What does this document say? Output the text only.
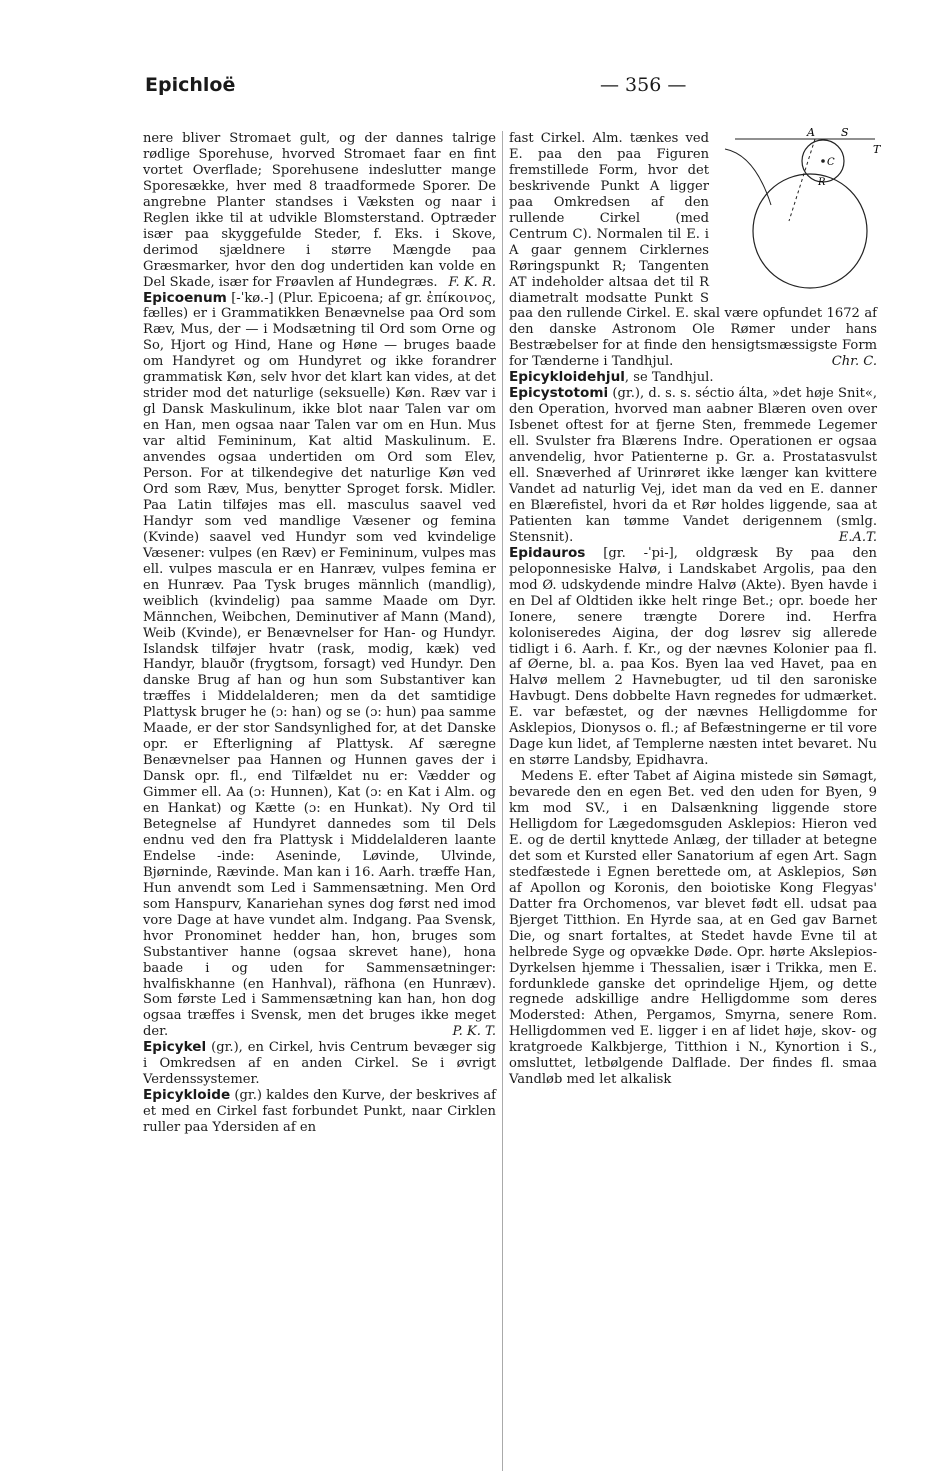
Epichloë	— 356 —

nere bliver Stromaet gult, og der dannes talrige rødlige Sporehuse, hvorved Stromaet faar en fint vortet Overflade; Sporehusene indeslutter mange Sporesække, hver med 8 traadformede Sporer. De angrebne Planter standses i Væksten og naar i Reglen ikke til at udvikle Blomsterstand. Optræder især paa skyggefulde Steder, f. Eks. i Skove, derimod sjældnere i større Mængde paa Græsmarker, hvor den dog undertiden kan volde en Del Skade, især for Frøavlen af Hundegræs. F. K. R.

Epicoenum [-ˈkø.-] (Plur. Epicoena; af gr. ἐπίκοινος, fælles) er i Grammatikken Benævnelse paa Ord som Ræv, Mus, der — i Modsætning til Ord som Orne og So, Hjort og Hind, Hane og Høne — bruges baade om Handyret og om Hundyret og ikke forandrer grammatisk Køn, selv hvor det klart kan vides, at det strider mod det naturlige (seksuelle) Køn. Ræv var i gl Dansk Maskulinum, ikke blot naar Talen var om en Han, men ogsaa naar Talen var om en Hun. Mus var altid Femininum, Kat altid Maskulinum. E. anvendes ogsaa undertiden om Ord som Elev, Person. For at tilkendegive det naturlige Køn ved Ord som Ræv, Mus, benytter Sproget forsk. Midler. Paa Latin tilføjes mas ell. masculus saavel ved Handyr som ved mandlige Væsener og femina (Kvinde) saavel ved Hundyr som ved kvindelige Væsener: vulpes (en Ræv) er Femininum, vulpes mas ell. vulpes mascula er en Hanræv, vulpes femina er en Hunræv. Paa Tysk bruges männlich (mandlig), weiblich (kvindelig) paa samme Maade om Dyr. Männchen, Weibchen, Deminutiver af Mann (Mand), Weib (Kvinde), er Benævnelser for Han- og Hundyr. Islandsk tilføjer hvatr (rask, modig, kæk) ved Handyr, blauðr (frygtsom, forsagt) ved Hundyr. Den danske Brug af han og hun som Substantiver kan træffes i Middelalderen; men da det samtidige Plattysk bruger he (ɔ: han) og se (ɔ: hun) paa samme Maade, er der stor Sandsynlighed for, at det Danske opr. er Efterligning af Plattysk. Af særegne Benævnelser paa Hannen og Hunnen gaves der i Dansk opr. fl., end Tilfældet nu er: Vædder og Gimmer ell. Aa (ɔ: Hunnen), Kat (ɔ: en Kat i Alm. og en Hankat) og Kætte (ɔ: en Hunkat). Ny Ord til Betegnelse af Hundyret dannedes som til Dels endnu ved den fra Plattysk i Middelalderen laante Endelse -inde: Aseninde, Løvinde, Ulvinde, Bjørninde, Rævinde. Man kan i 16. Aarh. træffe Han, Hun anvendt som Led i Sammensætning. Men Ord som Hanspurv, Kanariehan synes dog først ned imod vore Dage at have vundet alm. Indgang. Paa Svensk, hvor Pronominet hedder han, hon, bruges som Substantiver hanne (ogsaa skrevet hane), hona baade i og uden for Sammensætninger: hvalfiskhanne (en Hanhval), räfhona (en Hunræv). Som første Led i Sammensætning kan han, hon dog ogsaa træffes i Svensk, men det bruges ikke meget der.	P. K. T.

Epicykel (gr.), en Cirkel, hvis Centrum bevæger sig i Omkredsen af en anden Cirkel. Se i øvrigt Verdenssystemer.

Epicykloide (gr.) kaldes den Kurve, der beskrives af et med en Cirkel fast forbundet Punkt, naar Cirklen ruller paa Ydersiden af en

A S
T
C
R
fast Cirkel. Alm. tænkes ved E. paa den paa Figuren fremstillede Form, hvor det beskrivende Punkt A ligger paa Omkredsen af den rullende Cirkel (med Centrum C). Normalen til E. i A gaar gennem Cirklernes Røringspunkt R; Tangenten AT indeholder altsaa det til R diametralt modsatte Punkt S paa den rullende Cirkel. E. skal være opfundet 1672 af den danske Astronom Ole Rømer under hans Bestræbelser for at finde den hensigtsmæssigste Form for Tænderne i Tandhjul.	Chr. C.

Epicykloidehjul, se Tandhjul.

Epicystotomi (gr.), d. s. s. séctio álta, »det høje Snit«, den Operation, hvorved man aabner Blæren oven over Isbenet oftest for at fjerne Sten, fremmede Legemer ell. Svulster fra Blærens Indre. Operationen er ogsaa anvendelig, hvor Patienterne p. Gr. a. Prostatasvulst ell. Snæverhed af Urinrøret ikke længer kan kvittere Vandet ad naturlig Vej, idet man da ved en E. danner en Blærefistel, hvori da et Rør holdes liggende, saa at Patienten kan tømme Vandet derigennem (smlg. Stensnit).	E.A.T.

Epidauros [gr. -ˈpi-], oldgræsk By paa den peloponnesiske Halvø, i Landskabet Argolis, paa den mod Ø. udskydende mindre Halvø (Akte). Byen havde i en Del af Oldtiden ikke helt ringe Bet.; opr. boede her Ionere, senere trængte Dorere ind. Herfra koloniseredes Aigina, der dog løsrev sig allerede tidligt i 6. Aarh. f. Kr., og der nævnes Kolonier paa fl. af Øerne, bl. a. paa Kos. Byen laa ved Havet, paa en Halvø mellem 2 Havnebugter, ud til den saroniske Havbugt. Dens dobbelte Havn regnedes for udmærket. E. var befæstet, og der nævnes Helligdomme for Asklepios, Dionysos o. fl.; af Befæstningerne er til vore Dage kun lidet, af Templerne næsten intet bevaret. Nu en større Landsby, Epidhavra.

Medens E. efter Tabet af Aigina mistede sin Sømagt, bevarede den en egen Bet. ved den uden for Byen, 9 km mod SV., i en Dalsænkning liggende store Helligdom for Lægedomsguden Asklepios: Hieron ved E. og de dertil knyttede Anlæg, der tillader at betegne det som et Kursted eller Sanatorium af egen Art. Sagn stedfæstede i Egnen berettede om, at Asklepios, Søn af Apollon og Koronis, den boiotiske Kong Flegyas' Datter fra Orchomenos, var blevet født ell. udsat paa Bjerget Titthion. En Hyrde saa, at en Ged gav Barnet Die, og snart fortaltes, at Stedet havde Evne til at helbrede Syge og opvække Døde. Opr. hørte Akslepios-Dyrkelsen hjemme i Thessalien, især i Trikka, men E. fordunklede ganske det oprindelige Hjem, og dette regnede adskillige andre Helligdomme som deres Modersted: Athen, Pergamos, Smyrna, senere Rom. Helligdommen ved E. ligger i en af lidet høje, skov- og kratgroede Kalkbjerge, Titthion i N., Kynortion i S., omsluttet, letbølgende Dalflade. Der findes fl. smaa Vandløb med let alkalisk
